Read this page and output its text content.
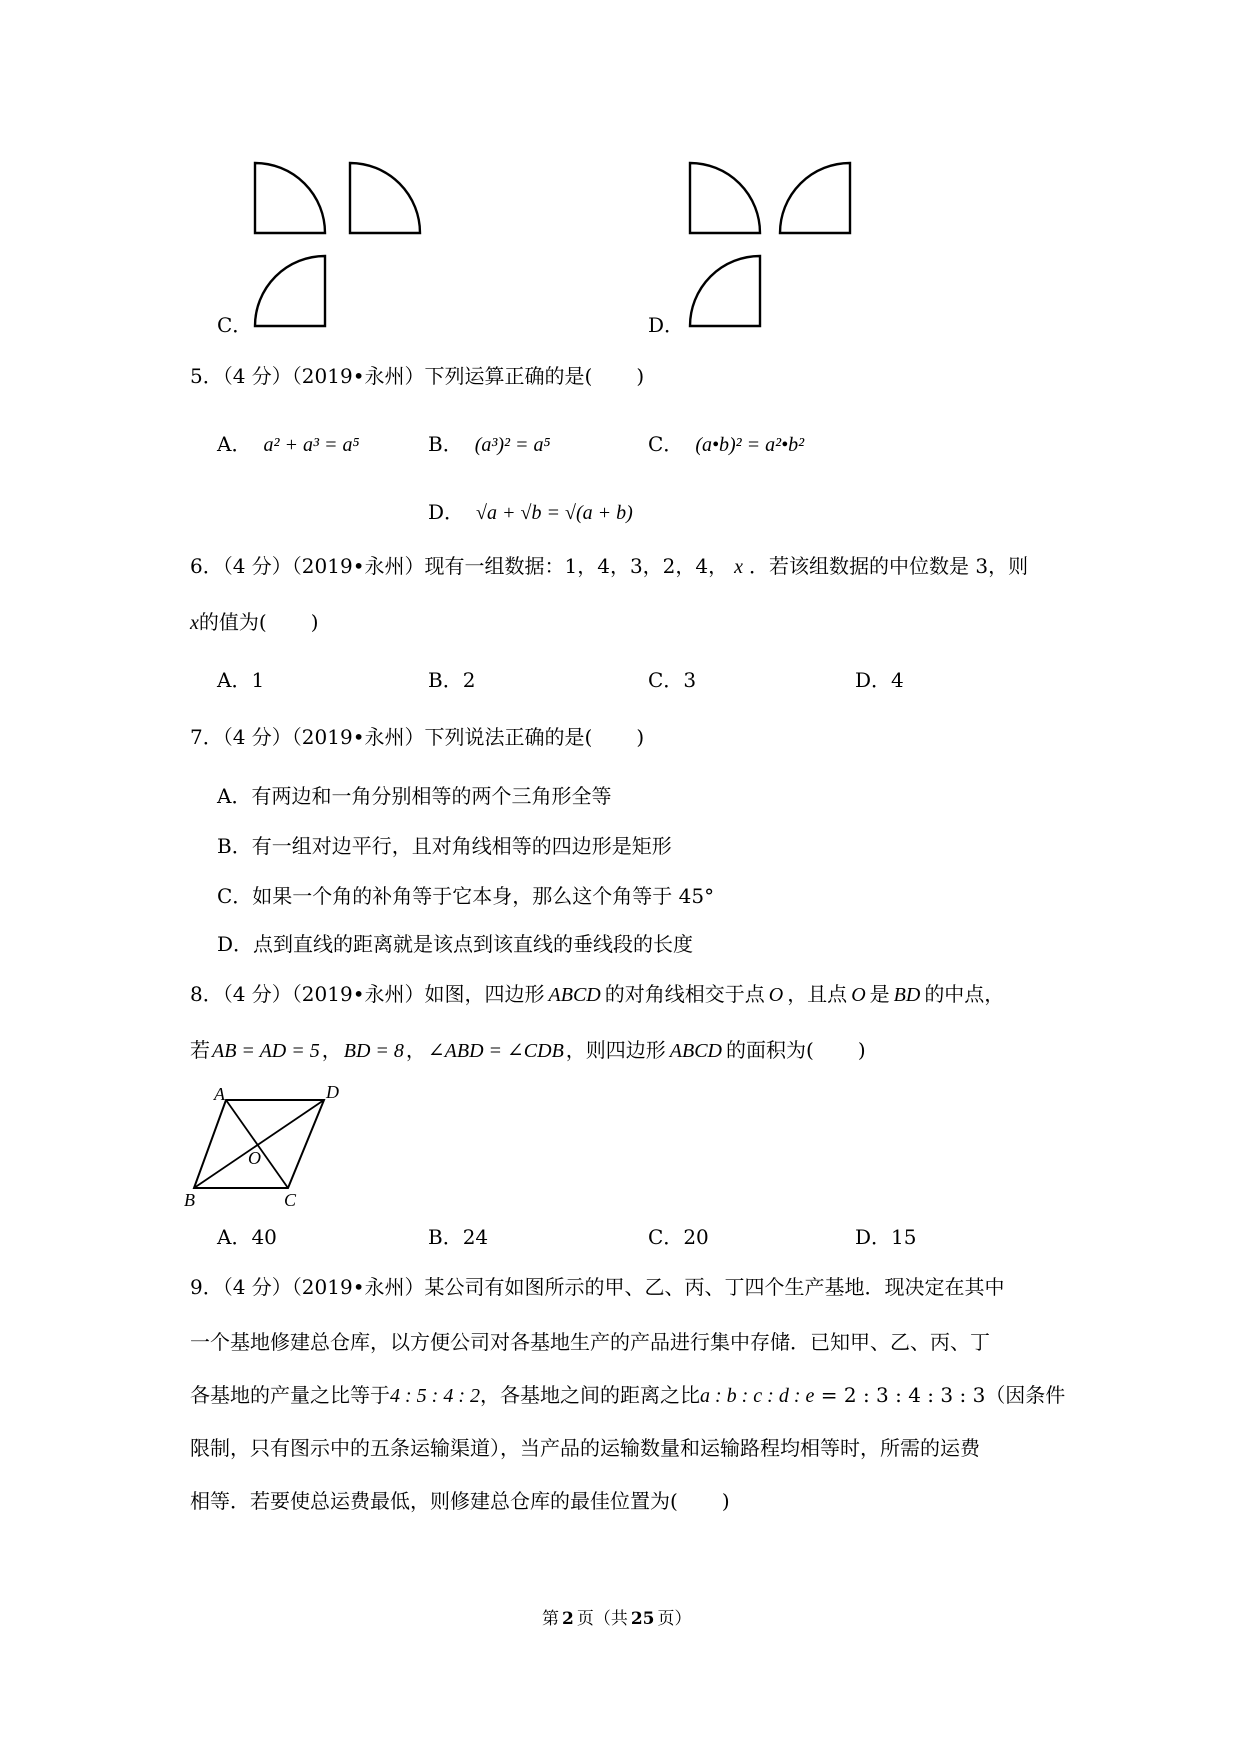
C．	D．
5．（4 分）（2019•永州）下列运算正确的是( )
A． a² + a³ = a⁵	B． (a³)² = a⁵	C． (a•b)² = a²•b²
D． √a + √b = √(a + b)
6．（4 分）（2019•永州）现有一组数据：1，4，3，2，4， x ．若该组数据的中位数是 3，则
x的值为( )
A．1	B．2	C．3	D．4
7．（4 分）（2019•永州）下列说法正确的是( )
A．有两边和一角分别相等的两个三角形全等
B．有一组对边平行，且对角线相等的四边形是矩形
C．如果一个角的补角等于它本身，那么这个角等于 45°
D．点到直线的距离就是该点到该直线的垂线段的长度
8．（4 分）（2019•永州）如图，四边形 ABCD 的对角线相交于点 O ，且点 O 是 BD 的中点，
若 AB = AD = 5 ， BD = 8 ， ∠ABD = ∠CDB ，则四边形 ABCD 的面积为( )
A	D
B	C
O
A．40	B．24	C．20	D．15
9．（4 分）（2019•永州）某公司有如图所示的甲、乙、丙、丁四个生产基地．现决定在其中
一个基地修建总仓库，以方便公司对各基地生产的产品进行集中存储．已知甲、乙、丙、丁
各基地的产量之比等于4 : 5 : 4 : 2，各基地之间的距离之比a : b : c : d : e = 2 : 3 : 4 : 3 : 3（因条件
限制，只有图示中的五条运输渠道），当产品的运输数量和运输路程均相等时，所需的运费
相等．若要使总运费最低，则修建总仓库的最佳位置为( )
第 2 页（共 25 页）
